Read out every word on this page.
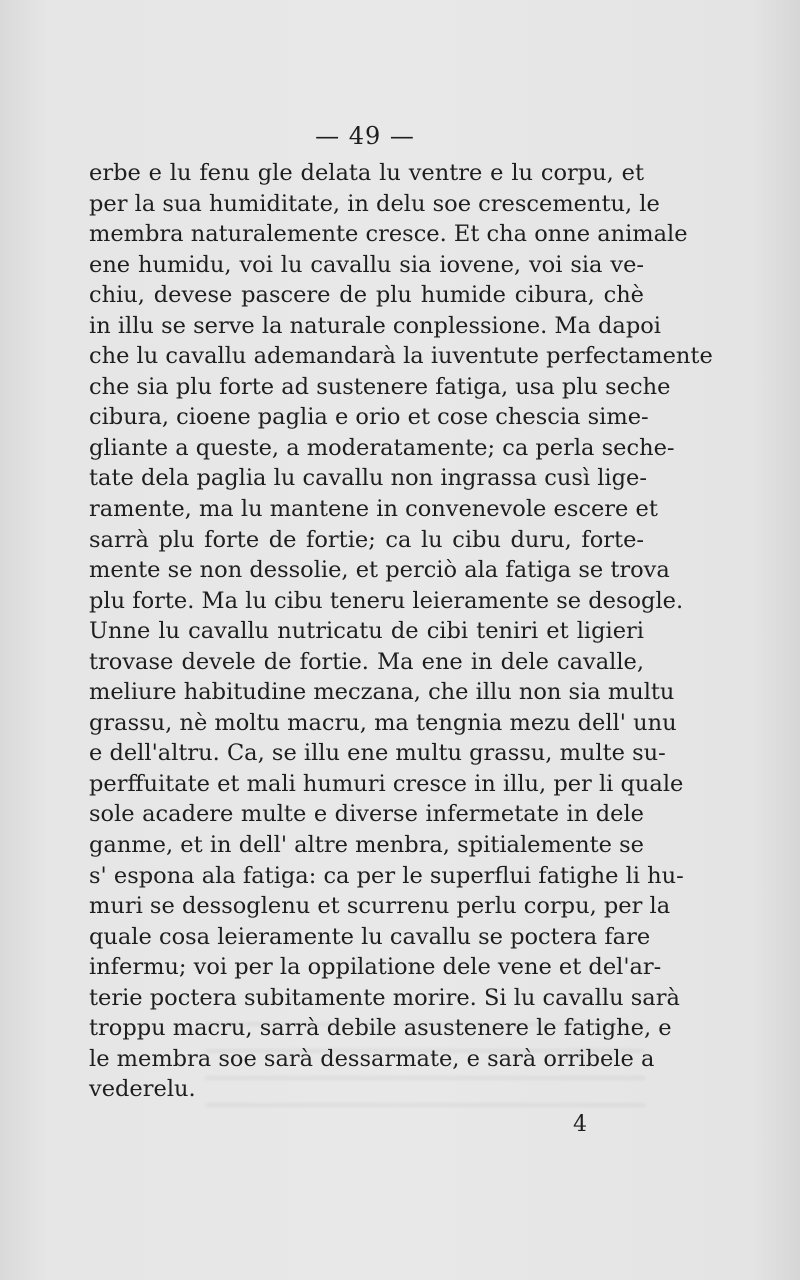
— 49 —
erbe e lu fenu gle delata lu ventre e lu corpu, et
per la sua humiditate, in delu soe crescementu, le
membra naturalemente cresce. Et cha onne animale
ene humidu, voi lu cavallu sia iovene, voi sia ve-
chiu, devese pascere de plu humide cibura, chè
in illu se serve la naturale conplessione. Ma dapoi
che lu cavallu ademandarà la iuventute perfectamente
che sia plu forte ad sustenere fatiga, usa plu seche
cibura, cioene paglia e orio et cose chescia sime-
gliante a queste, a moderatamente; ca perla seche-
tate dela paglia lu cavallu non ingrassa cusì lige-
ramente, ma lu mantene in convenevole escere et
sarrà plu forte de fortie; ca lu cibu duru, forte-
mente se non dessolie, et perciò ala fatiga se trova
plu forte. Ma lu cibu teneru leieramente se desogle.
Unne lu cavallu nutricatu de cibi teniri et ligieri
trovase devele de fortie. Ma ene in dele cavalle,
meliure habitudine meczana, che illu non sia multu
grassu, nè moltu macru, ma tengnia mezu dell' unu
e dell'altru. Ca, se illu ene multu grassu, multe su-
perffuitate et mali humuri cresce in illu, per li quale
sole acadere multe e diverse infermetate in dele
ganme, et in dell' altre menbra, spitialemente se
s' espona ala fatiga: ca per le superflui fatighe li hu-
muri se dessoglenu et scurrenu perlu corpu, per la
quale cosa leieramente lu cavallu se poctera fare
infermu; voi per la oppilatione dele vene et del'ar-
terie poctera subitamente morire. Si lu cavallu sarà
troppu macru, sarrà debile asustenere le fatighe, e
le membra soe sarà dessarmate, e sarà orribele a
vederelu.
4
